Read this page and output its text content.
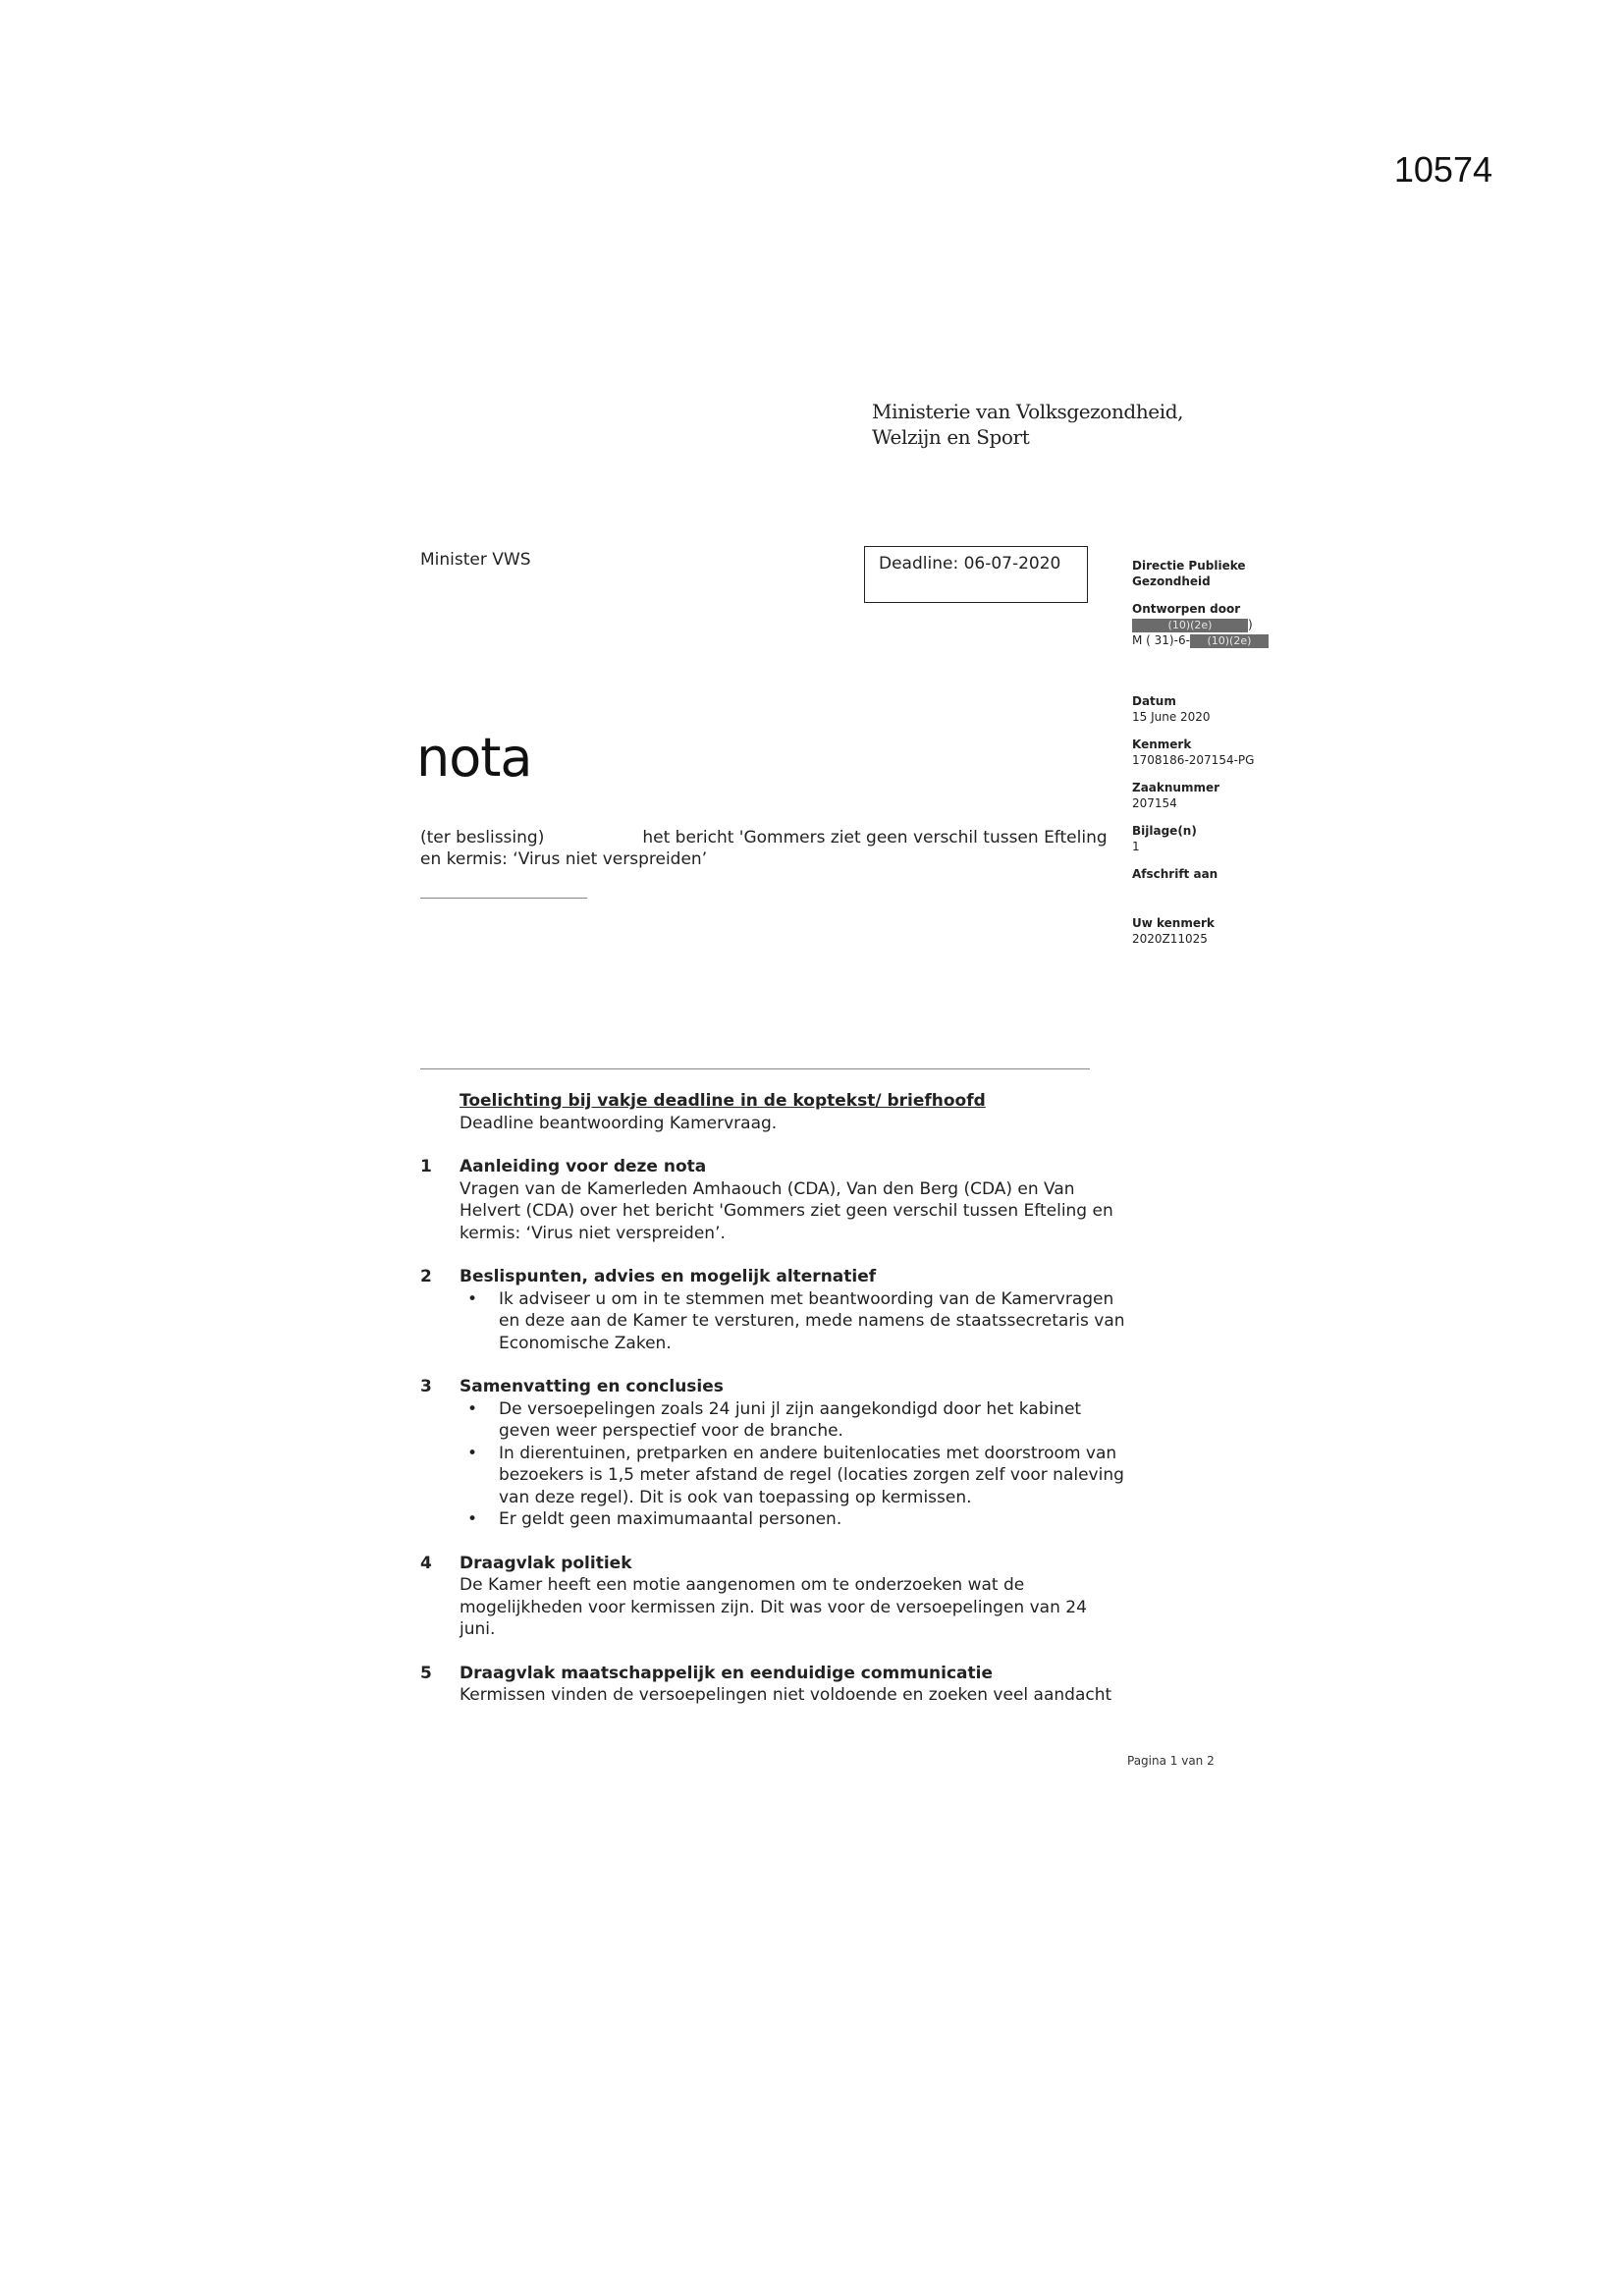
10574
Ministerie van Volksgezondheid,
Welzijn en Sport
Minister VWS	Deadline: 06-07-2020	Directie Publieke
Gezondheid
Ontworpen door
(10)(2e)	)
M ( 31)-6- (10)(2e)
Datum
15 June 2020
Kenmerk
1708186-207154-PG
Zaaknummer
207154
Bijlage(n)
1
Afschrift aan
Uw kenmerk
2020Z11025
nota
(ter beslissing)	het bericht 'Gommers ziet geen verschil tussen Efteling en kermis: ‘Virus niet verspreiden’
Toelichting bij vakje deadline in de koptekst/ briefhoofd
Deadline beantwoording Kamervraag.
1 Aanleiding voor deze nota
Vragen van de Kamerleden Amhaouch (CDA), Van den Berg (CDA) en Van Helvert (CDA) over het bericht 'Gommers ziet geen verschil tussen Efteling en kermis: ‘Virus niet verspreiden’.
2 Beslispunten, advies en mogelijk alternatief
• Ik adviseer u om in te stemmen met beantwoording van de Kamervragen en deze aan de Kamer te versturen, mede namens de staatssecretaris van Economische Zaken.
3 Samenvatting en conclusies
• De versoepelingen zoals 24 juni jl zijn aangekondigd door het kabinet geven weer perspectief voor de branche.
• In dierentuinen, pretparken en andere buitenlocaties met doorstroom van bezoekers is 1,5 meter afstand de regel (locaties zorgen zelf voor naleving van deze regel). Dit is ook van toepassing op kermissen.
• Er geldt geen maximumaantal personen.
4 Draagvlak politiek
De Kamer heeft een motie aangenomen om te onderzoeken wat de mogelijkheden voor kermissen zijn. Dit was voor de versoepelingen van 24 juni.
5 Draagvlak maatschappelijk en eenduidige communicatie
Kermissen vinden de versoepelingen niet voldoende en zoeken veel aandacht
Pagina 1 van 2
